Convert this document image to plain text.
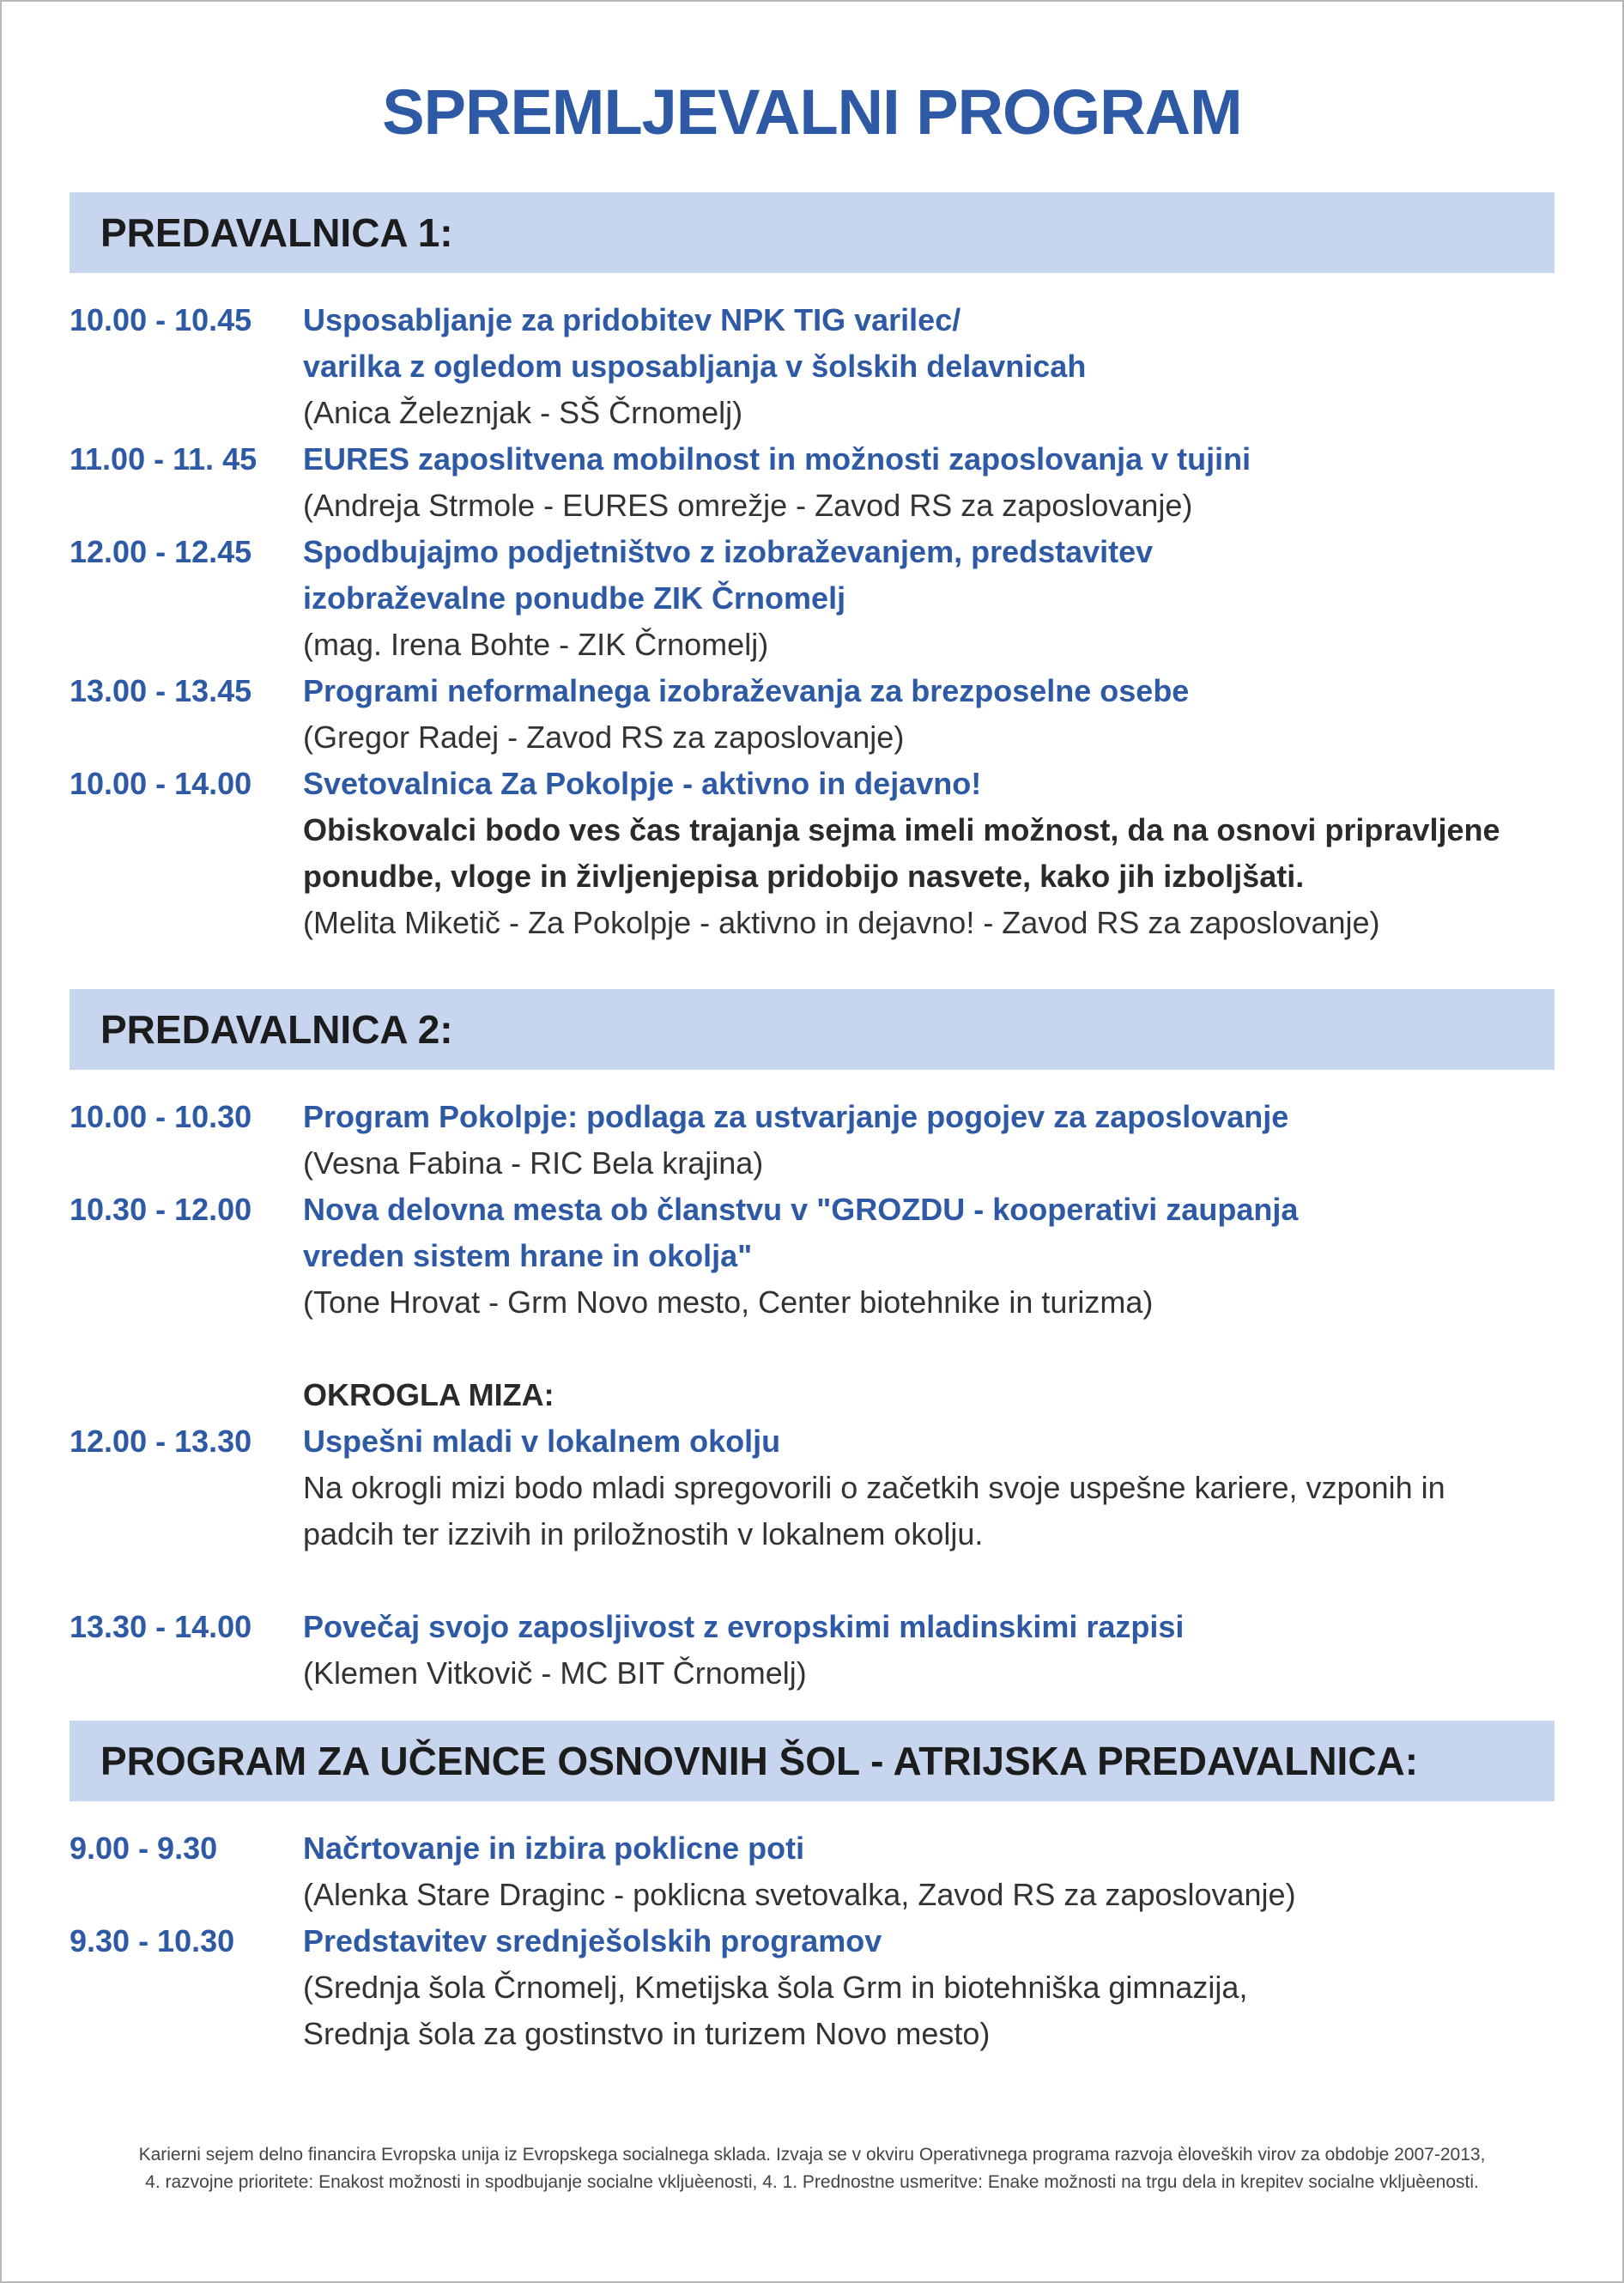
SPREMLJEVALNI PROGRAM
PREDAVALNICA 1:
10.00 - 10.45	Usposabljanje za pridobitev NPK TIG varilec/
varilka z ogledom usposabljanja v šolskih delavnicah
(Anica Železnjak - SŠ Črnomelj)
11.00 - 11. 45	EURES zaposlitvena mobilnost in možnosti zaposlovanja v tujini
(Andreja Strmole - EURES omrežje - Zavod RS za zaposlovanje)
12.00 - 12.45	Spodbujajmo podjetništvo z izobraževanjem, predstavitev
izobraževalne ponudbe ZIK Črnomelj
(mag. Irena Bohte - ZIK Črnomelj)
13.00 - 13.45	Programi neformalnega izobraževanja za brezposelne osebe
(Gregor Radej - Zavod RS za zaposlovanje)
10.00 - 14.00	Svetovalnica Za Pokolpje - aktivno in dejavno!
Obiskovalci bodo ves čas trajanja sejma imeli možnost, da na osnovi pripravljene
ponudbe, vloge in življenjepisa pridobijo nasvete, kako jih izboljšati.
(Melita Miketič - Za Pokolpje - aktivno in dejavno! - Zavod RS za zaposlovanje)
PREDAVALNICA 2:
10.00 - 10.30	Program Pokolpje: podlaga za ustvarjanje pogojev za zaposlovanje
(Vesna Fabina - RIC Bela krajina)
10.30 - 12.00	Nova delovna mesta ob članstvu v "GROZDU - kooperativi zaupanja
vreden sistem hrane in okolja"
(Tone Hrovat - Grm Novo mesto, Center biotehnike in turizma)
OKROGLA MIZA:
12.00 - 13.30	Uspešni mladi v lokalnem okolju
Na okrogli mizi bodo mladi spregovorili o začetkih svoje uspešne kariere, vzponih in
padcih ter izzivih in priložnostih v lokalnem okolju.
13.30 - 14.00	Povečaj svojo zaposljivost z evropskimi mladinskimi razpisi
(Klemen Vitkovič - MC BIT Črnomelj)
PROGRAM ZA UČENCE OSNOVNIH ŠOL - ATRIJSKA PREDAVALNICA:
9.00 - 9.30	Načrtovanje in izbira poklicne poti
(Alenka Stare Draginc - poklicna svetovalka, Zavod RS za zaposlovanje)
9.30 - 10.30	Predstavitev srednješolskih programov
(Srednja šola Črnomelj, Kmetijska šola Grm in biotehniška gimnazija,
Srednja šola za gostinstvo in turizem Novo mesto)
Karierni sejem delno financira Evropska unija iz Evropskega socialnega sklada. Izvaja se v okviru Operativnega programa razvoja èloveških virov za obdobje 2007-2013,
4. razvojne prioritete: Enakost možnosti in spodbujanje socialne vkljuèenosti, 4. 1. Prednostne usmeritve: Enake možnosti na trgu dela in krepitev socialne vkljuèenosti.
